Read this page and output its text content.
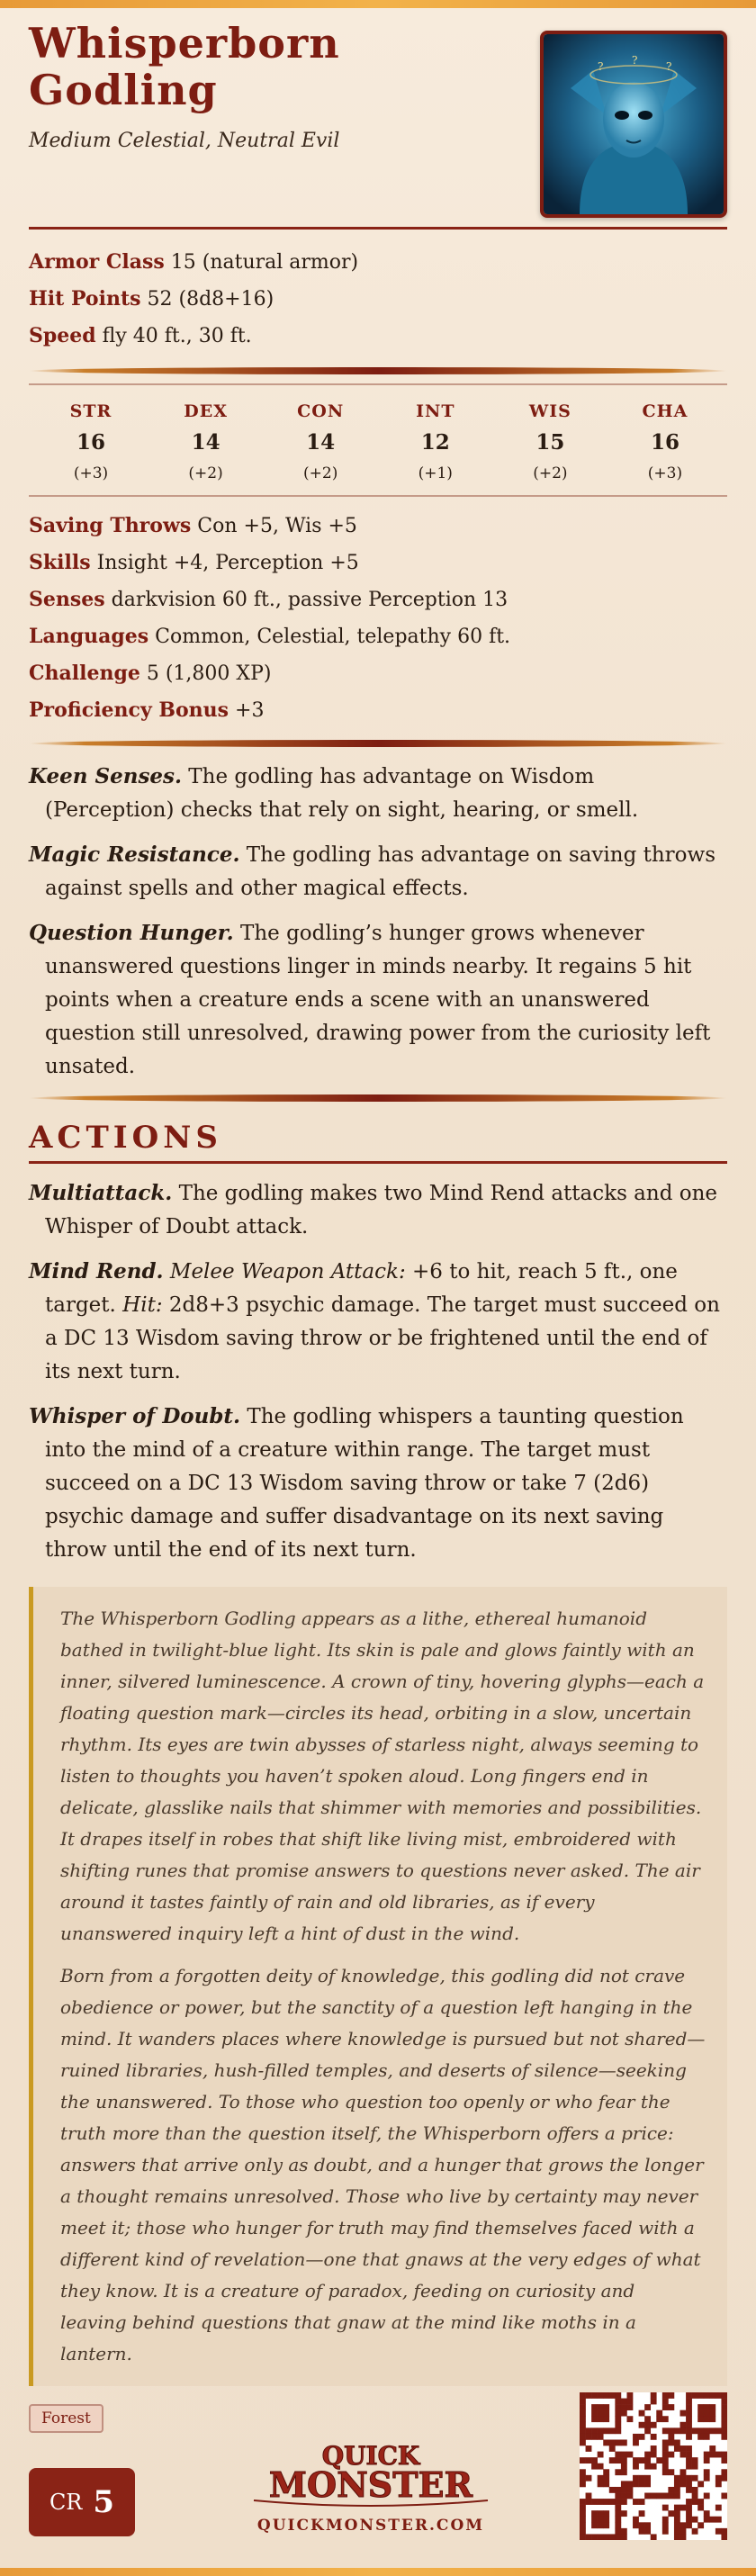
Whisperborn
Godling
Medium Celestial, Neutral Evil
?	?	?
Armor Class 15 (natural armor)
Hit Points 52 (8d8+16)
Speed fly 40 ft., 30 ft.
STR
16
(+3)
DEX
14
(+2)
CON
14
(+2)
INT
12
(+1)
WIS
15
(+2)
CHA
16
(+3)
Saving Throws Con +5, Wis +5
Skills Insight +4, Perception +5
Senses darkvision 60 ft., passive Perception 13
Languages Common, Celestial, telepathy 60 ft.
Challenge 5 (1,800 XP)
Proficiency Bonus +3
Keen Senses. The godling has advantage on Wisdom (Perception) checks that rely on sight, hearing, or smell.
Magic Resistance. The godling has advantage on saving throws against spells and other magical effects.
Question Hunger. The godling’s hunger grows whenever unanswered questions linger in minds nearby. It regains 5 hit points when a creature ends a scene with an unanswered question still unresolved, drawing power from the curiosity left unsated.
ACTIONS
Multiattack. The godling makes two Mind Rend attacks and one Whisper of Doubt attack.
Mind Rend. Melee Weapon Attack: +6 to hit, reach 5 ft., one target. Hit: 2d8+3 psychic damage. The target must succeed on a DC 13 Wisdom saving throw or be frightened until the end of its next turn.
Whisper of Doubt. The godling whispers a taunting question into the mind of a creature within range. The target must succeed on a DC 13 Wisdom saving throw or take 7 (2d6) psychic damage and suffer disadvantage on its next saving throw until the end of its next turn.

The Whisperborn Godling appears as a lithe, ethereal humanoid bathed in twilight-blue light. Its skin is pale and glows faintly with an inner, silvered luminescence. A crown of tiny, hovering glyphs—each a floating question mark—circles its head, orbiting in a slow, uncertain rhythm. Its eyes are twin abysses of starless night, always seeming to listen to thoughts you haven’t spoken aloud. Long fingers end in delicate, glasslike nails that shimmer with memories and possibilities. It drapes itself in robes that shift like living mist, embroidered with shifting runes that promise answers to questions never asked. The air around it tastes faintly of rain and old libraries, as if every unanswered inquiry left a hint of dust in the wind.

Born from a forgotten deity of knowledge, this godling did not crave obedience or power, but the sanctity of a question left hanging in the mind. It wanders places where knowledge is pursued but not shared—ruined libraries, hush-filled temples, and deserts of silence—seeking the unanswered. To those who question too openly or who fear the truth more than the question itself, the Whisperborn offers a price: answers that arrive only as doubt, and a hunger that grows the longer a thought remains unresolved. Those who live by certainty may never meet it; those who hunger for truth may find themselves faced with a different kind of revelation—one that gnaws at the very edges of what they know. It is a creature of paradox, feeding on curiosity and leaving behind questions that gnaw at the mind like moths in a lantern.

Forest
CR 5
QUICK
MONSTER
QUICKMONSTER.COM
